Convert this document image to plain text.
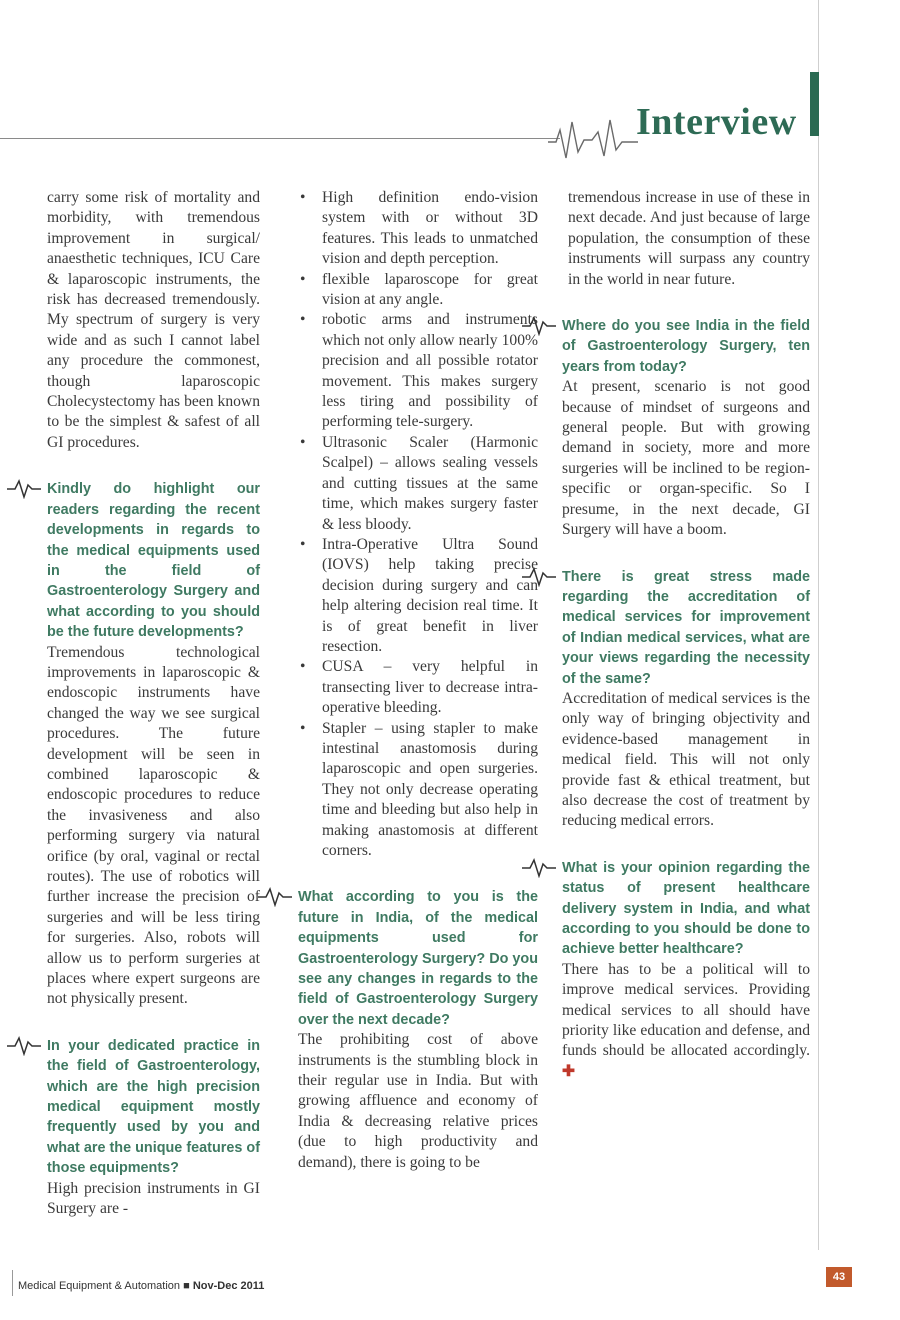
Interview

carry some risk of mortality and morbidity, with tremendous improvement in surgical/ anaesthetic techniques, ICU Care & laparoscopic instruments, the risk has decreased tremendously. My spectrum of surgery is very wide and as such I cannot label any procedure the commonest, though laparoscopic Cholecystectomy has been known to be the simplest & safest of all GI procedures.

Kindly do highlight our readers regarding the recent developments in regards to the medical equipments used in the field of Gastroenterology Surgery and what according to you should be the future developments?

Tremendous technological improvements in laparoscopic & endoscopic instruments have changed the way we see surgical procedures. The future development will be seen in combined laparoscopic & endoscopic procedures to reduce the invasiveness and also performing surgery via natural orifice (by oral, vaginal or rectal routes). The use of robotics will further increase the precision of surgeries and will be less tiring for surgeries. Also, robots will allow us to perform surgeries at places where expert surgeons are not physically present.

In your dedicated practice in the field of Gastroenterology, which are the high precision medical equipment mostly frequently used by you and what are the unique features of those equipments?

High precision instruments in GI Surgery are -

• High definition endo-vision system with or without 3D features. This leads to unmatched vision and depth perception.
• flexible laparoscope for great vision at any angle.
• robotic arms and instruments which not only allow nearly 100% precision and all possible rotator movement. This makes surgery less tiring and possibility of performing tele-surgery.
• Ultrasonic Scaler (Harmonic Scalpel) – allows sealing vessels and cutting tissues at the same time, which makes surgery faster & less bloody.
• Intra-Operative Ultra Sound (IOVS) help taking precise decision during surgery and can help altering decision real time. It is of great benefit in liver resection.
• CUSA – very helpful in transecting liver to decrease intra-operative bleeding.
• Stapler – using stapler to make intestinal anastomosis during laparoscopic and open surgeries. They not only decrease operating time and bleeding but also help in making anastomosis at different corners.
What according to you is the future in India, of the medical equipments used for Gastroenterology Surgery? Do you see any changes in regards to the field of Gastroenterology Surgery over the next decade?

The prohibiting cost of above instruments is the stumbling block in their regular use in India. But with growing affluence and economy of India & decreasing relative prices (due to high productivity and demand), there is going to be

tremendous increase in use of these in next decade. And just because of large population, the consumption of these instruments will surpass any country in the world in near future.

Where do you see India in the field of Gastroenterology Surgery, ten years from today?

At present, scenario is not good because of mindset of surgeons and general people. But with growing demand in society, more and more surgeries will be inclined to be region-specific or organ-specific. So I presume, in the next decade, GI Surgery will have a boom.

There is great stress made regarding the accreditation of medical services for improvement of Indian medical services, what are your views regarding the necessity of the same?

Accreditation of medical services is the only way of bringing objectivity and evidence-based management in medical field. This will not only provide fast & ethical treatment, but also decrease the cost of treatment by reducing medical errors.

What is your opinion regarding the status of present healthcare delivery system in India, and what according to you should be done to achieve better healthcare?

There has to be a political will to improve medical services. Providing medical services to all should have priority like education and defense, and funds should be allocated accordingly. ✚

Medical Equipment & Automation ■ Nov-Dec 2011
43
